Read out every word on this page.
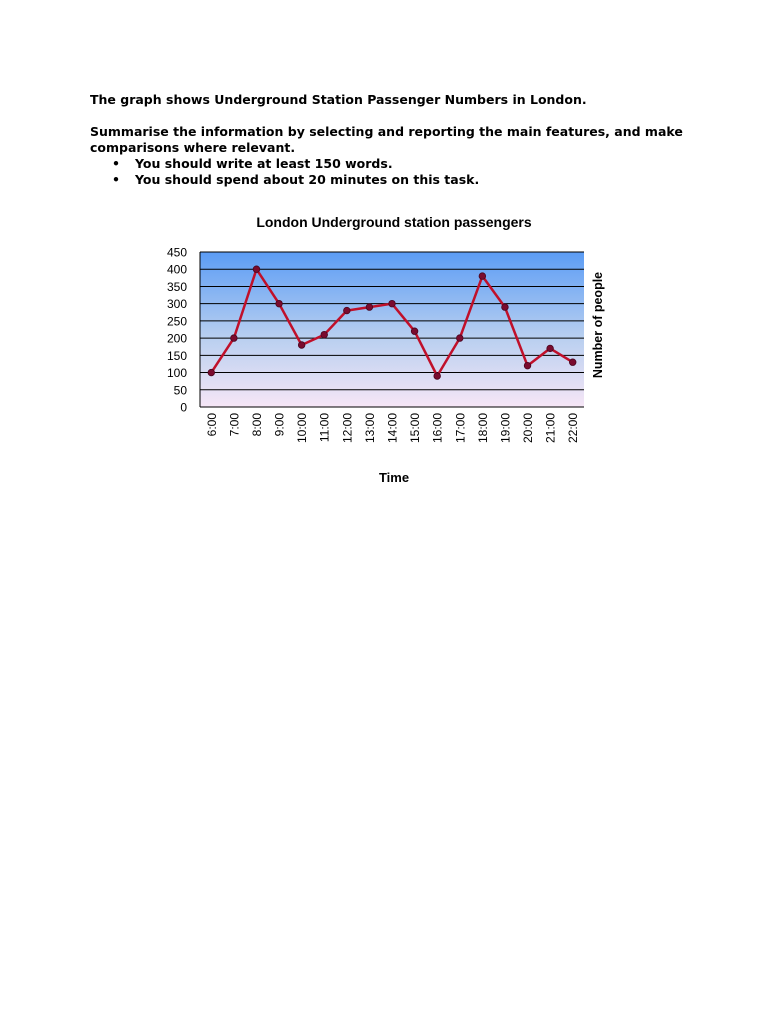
The graph shows Underground Station Passenger Numbers in London.

Summarise the information by selecting and reporting the main features, and make comparisons where relevant.

• You should write at least 150 words.
• You should spend about 20 minutes on this task.
London Underground station passengers
0
50
100
150
200
250
300
350
400
450
6:00 7:00 8:00 9:00 10:00 11:00 12:00 13:00 14:00 15:00 16:00 17:00 18:00 19:00 20:00 21:00 22:00
Time
Number of people
